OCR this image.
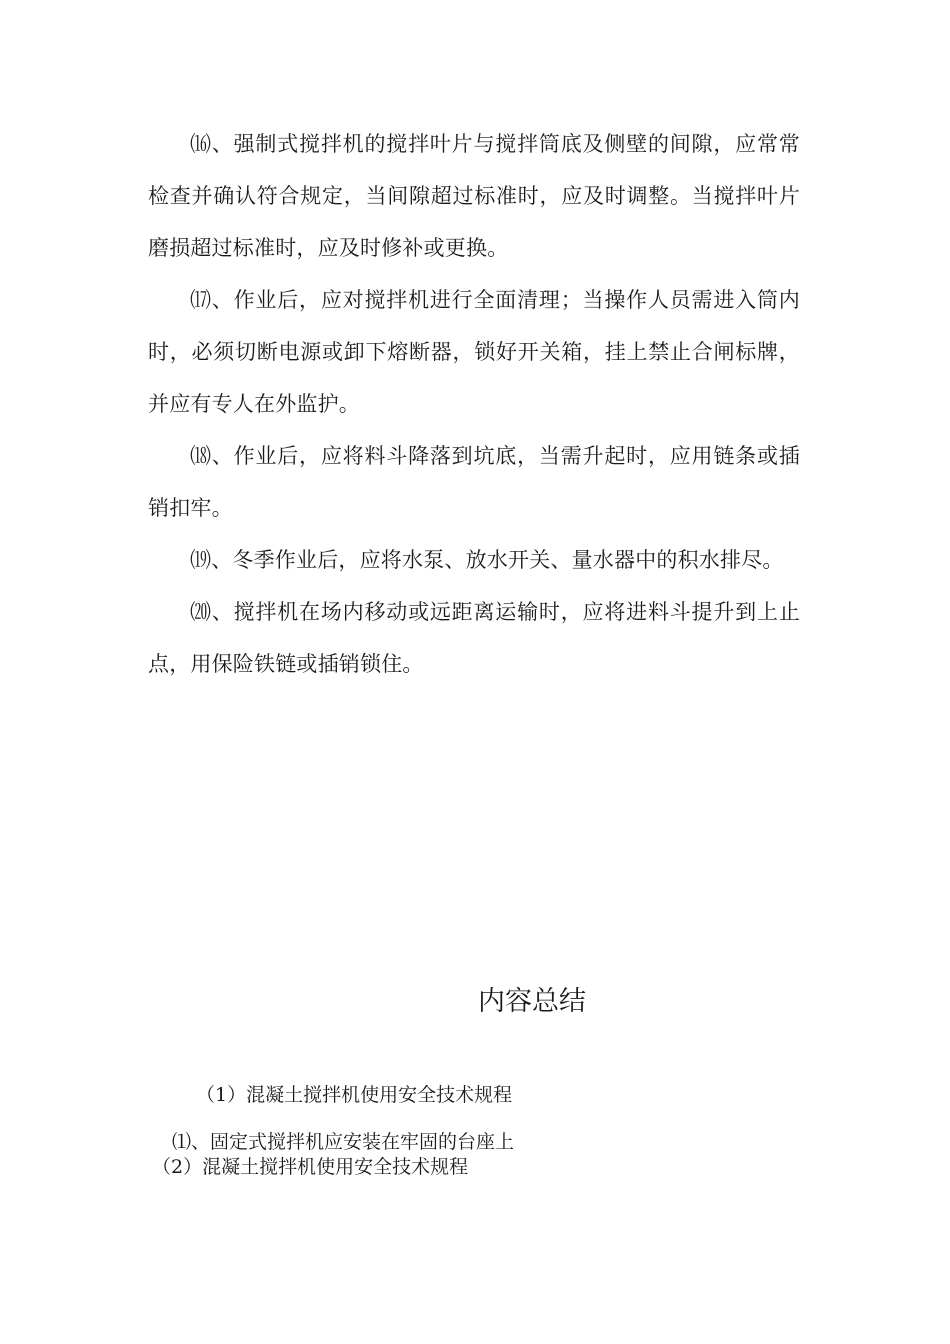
⒃、强制式搅拌机的搅拌叶片与搅拌筒底及侧壁的间隙，应常常检查并确认符合规定，当间隙超过标准时，应及时调整。当搅拌叶片磨损超过标准时，应及时修补或更换。

⒄、作业后，应对搅拌机进行全面清理；当操作人员需进入筒内时，必须切断电源或卸下熔断器，锁好开关箱，挂上禁止合闸标牌，并应有专人在外监护。

⒅、作业后，应将料斗降落到坑底，当需升起时，应用链条或插销扣牢。

⒆、冬季作业后，应将水泵、放水开关、量水器中的积水排尽。

⒇、搅拌机在场内移动或远距离运输时，应将进料斗提升到上止点，用保险铁链或插销锁住。

内容总结

（1）混凝土搅拌机使用安全技术规程

⑴、固定式搅拌机应安装在牢固的台座上

（2）混凝土搅拌机使用安全技术规程
